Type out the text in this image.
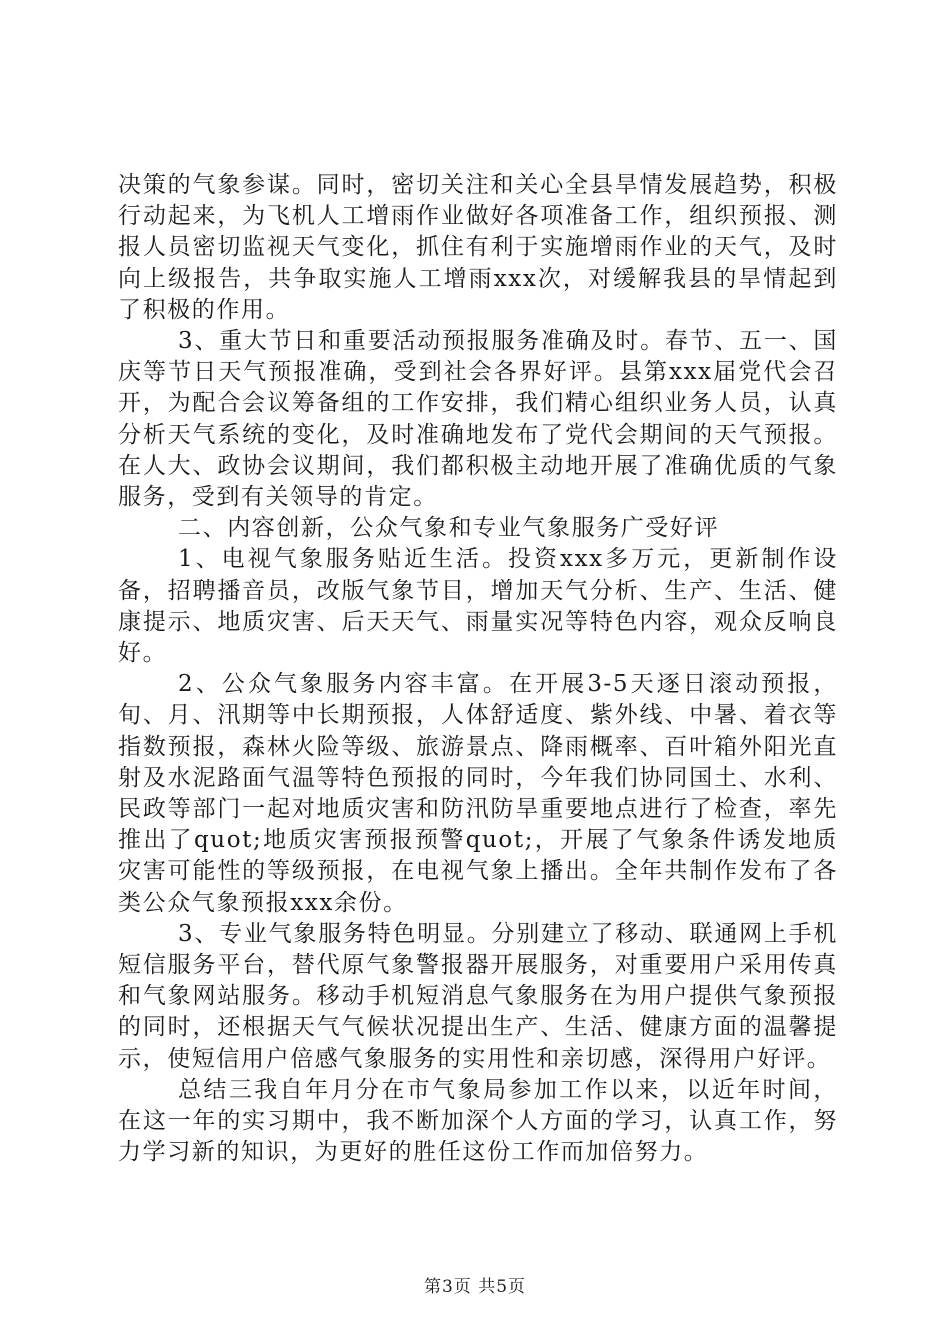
决策的气象参谋。同时，密切关注和关心全县旱情发展趋势，积极行动起来，为飞机人工增雨作业做好各项准备工作，组织预报、测报人员密切监视天气变化，抓住有利于实施增雨作业的天气，及时向上级报告，共争取实施人工增雨xxx次，对缓解我县的旱情起到了积极的作用。

3、重大节日和重要活动预报服务准确及时。春节、五一、国庆等节日天气预报准确，受到社会各界好评。县第xxx届党代会召开，为配合会议筹备组的工作安排，我们精心组织业务人员，认真分析天气系统的变化，及时准确地发布了党代会期间的天气预报。在人大、政协会议期间，我们都积极主动地开展了准确优质的气象服务，受到有关领导的肯定。

二、内容创新，公众气象和专业气象服务广受好评

1、电视气象服务贴近生活。投资xxx多万元，更新制作设备，招聘播音员，改版气象节目，增加天气分析、生产、生活、健康提示、地质灾害、后天天气、雨量实况等特色内容，观众反响良好。

2、公众气象服务内容丰富。在开展3-5天逐日滚动预报，旬、月、汛期等中长期预报，人体舒适度、紫外线、中暑、着衣等指数预报，森林火险等级、旅游景点、降雨概率、百叶箱外阳光直射及水泥路面气温等特色预报的同时，今年我们协同国土、水利、民政等部门一起对地质灾害和防汛防旱重要地点进行了检查，率先推出了quot;地质灾害预报预警quot;，开展了气象条件诱发地质灾害可能性的等级预报，在电视气象上播出。全年共制作发布了各类公众气象预报xxx余份。

3、专业气象服务特色明显。分别建立了移动、联通网上手机短信服务平台，替代原气象警报器开展服务，对重要用户采用传真和气象网站服务。移动手机短消息气象服务在为用户提供气象预报的同时，还根据天气气候状况提出生产、生活、健康方面的温馨提示，使短信用户倍感气象服务的实用性和亲切感，深得用户好评。

总结三我自年月分在市气象局参加工作以来，以近年时间，在这一年的实习期中，我不断加深个人方面的学习，认真工作，努力学习新的知识，为更好的胜任这份工作而加倍努力。

第3页 共5页
